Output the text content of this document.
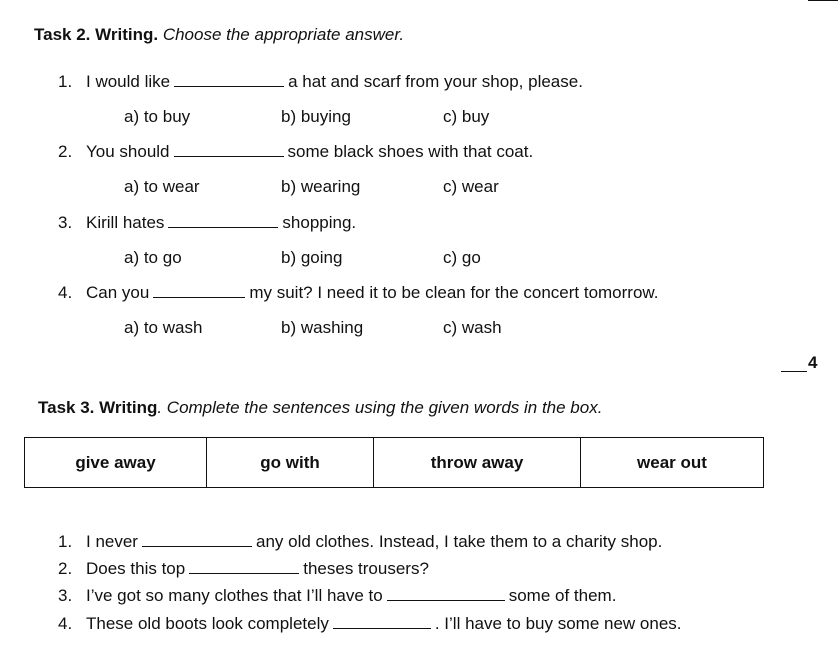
Task 2. Writing. Choose the appropriate answer.
1. I would like	a hat and scarf from your shop, please.
a) to buy	b) buying	c) buy
2. You should	some black shoes with that coat.
a) to wear	b) wearing	c) wear
3. Kirill hates	shopping.
a) to go	b) going	c) go
4. Can you	my suit? I need it to be clean for the concert tomorrow.
a) to wash	b) washing	c) wash
4
Task 3. Writing. Complete the sentences using the given words in the box.
give away	go with	throw away	wear out
1. I never	any old clothes. Instead, I take them to a charity shop.
2. Does this top	theses trousers?
3. I’ve got so many clothes that I’ll have to	some of them.
4. These old boots look completely	. I’ll have to buy some new ones.
